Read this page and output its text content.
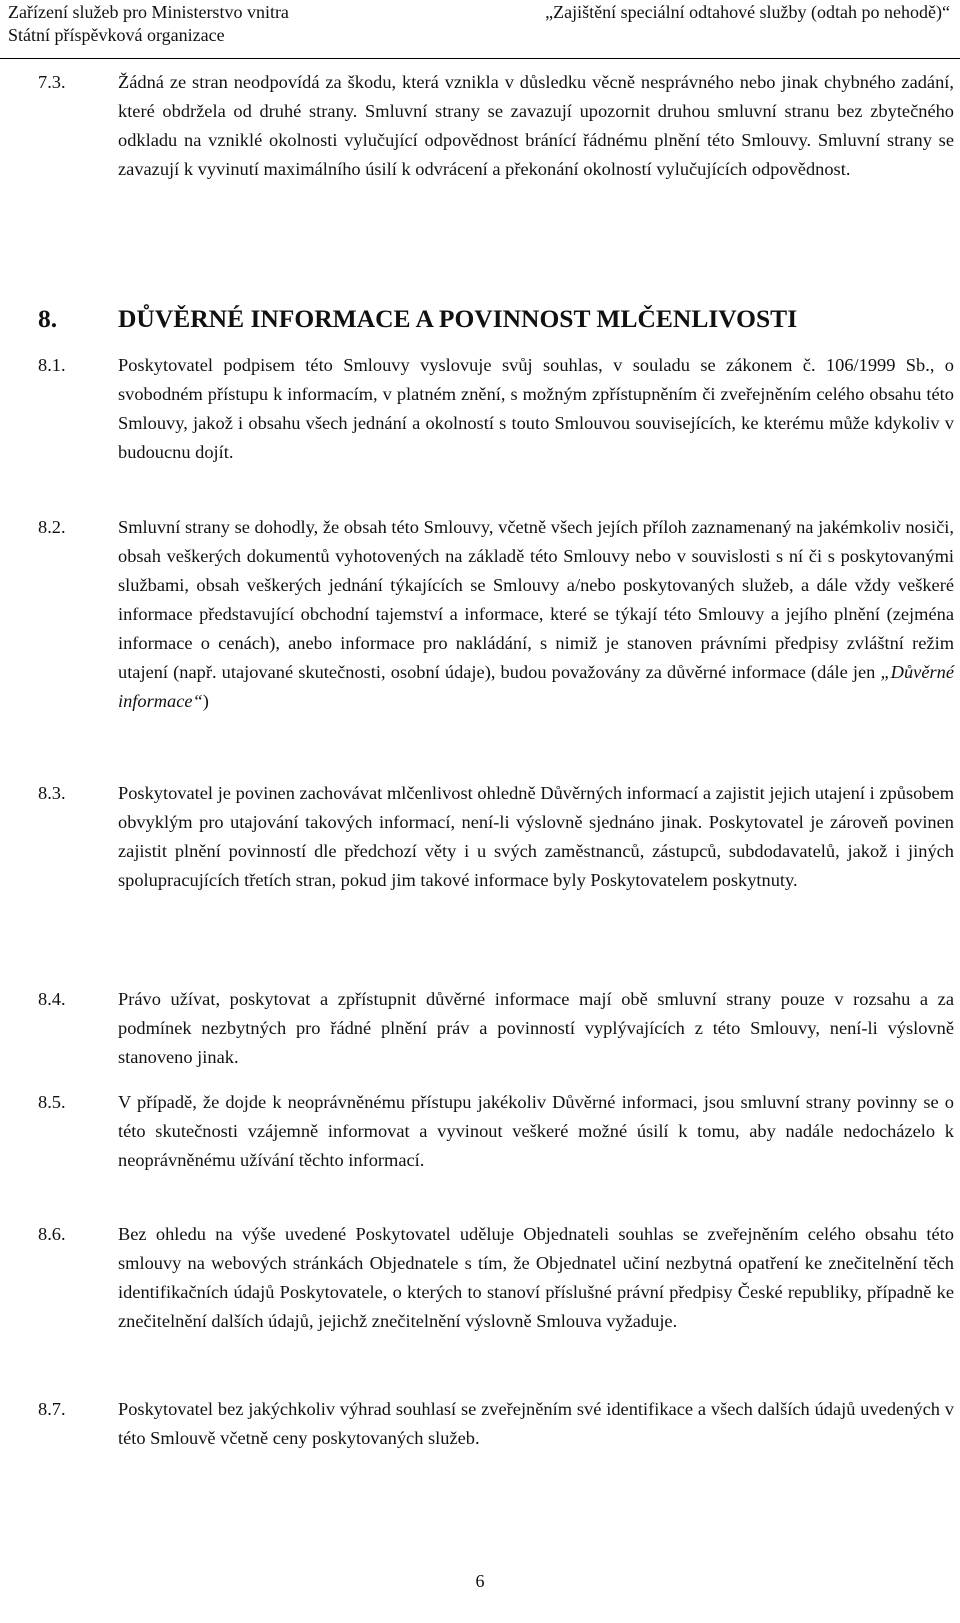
Zařízení služeb pro Ministerstvo vnitra
Státní příspěvková organizace
„Zajištění speciální odtahové služby (odtah po nehodě)“
7.3.	Žádná ze stran neodpovídá za škodu, která vznikla v důsledku věcně nesprávného nebo jinak chybného zadání, které obdržela od druhé strany. Smluvní strany se zavazují upozornit druhou smluvní stranu bez zbytečného odkladu na vzniklé okolnosti vylučující odpovědnost bránící řádnému plnění této Smlouvy. Smluvní strany se zavazují k vyvinutí maximálního úsilí k odvrácení a překonání okolností vylučujících odpovědnost.
8. DŮVĚRNÉ INFORMACE A POVINNOST MLČENLIVOSTI
8.1.	Poskytovatel podpisem této Smlouvy vyslovuje svůj souhlas, v souladu se zákonem č. 106/1999 Sb., o svobodném přístupu k informacím, v platném znění, s možným zpřístupněním či zveřejněním celého obsahu této Smlouvy, jakož i obsahu všech jednání a okolností s touto Smlouvou souvisejících, ke kterému může kdykoliv v budoucnu dojít.
8.2.	Smluvní strany se dohodly, že obsah této Smlouvy, včetně všech jejích příloh zaznamenaný na jakémkoliv nosiči, obsah veškerých dokumentů vyhotovených na základě této Smlouvy nebo v souvislosti s ní či s poskytovanými službami, obsah veškerých jednání týkajících se Smlouvy a/nebo poskytovaných služeb, a dále vždy veškeré informace představující obchodní tajemství a informace, které se týkají této Smlouvy a jejího plnění (zejména informace o cenách), anebo informace pro nakládání, s nimiž je stanoven právními předpisy zvláštní režim utajení (např. utajované skutečnosti, osobní údaje), budou považovány za důvěrné informace (dále jen „Důvěrné informace“)
8.3.	Poskytovatel je povinen zachovávat mlčenlivost ohledně Důvěrných informací a zajistit jejich utajení i způsobem obvyklým pro utajování takových informací, není-li výslovně sjednáno jinak. Poskytovatel je zároveň povinen zajistit plnění povinností dle předchozí věty i u svých zaměstnanců, zástupců, subdodavatelů, jakož i jiných spolupracujících třetích stran, pokud jim takové informace byly Poskytovatelem poskytnuty.
8.4.	Právo užívat, poskytovat a zpřístupnit důvěrné informace mají obě smluvní strany pouze v rozsahu a za podmínek nezbytných pro řádné plnění práv a povinností vyplývajících z této Smlouvy, není-li výslovně stanoveno jinak.
8.5.	V případě, že dojde k neoprávněnému přístupu jakékoliv Důvěrné informaci, jsou smluvní strany povinny se o této skutečnosti vzájemně informovat a vyvinout veškeré možné úsilí k tomu, aby nadále nedocházelo k neoprávněnému užívání těchto informací.
8.6.	Bez ohledu na výše uvedené Poskytovatel uděluje Objednateli souhlas se zveřejněním celého obsahu této smlouvy na webových stránkách Objednatele s tím, že Objednatel učiní nezbytná opatření ke znečitelnění těch identifikačních údajů Poskytovatele, o kterých to stanoví příslušné právní předpisy České republiky, případně ke znečitelnění dalších údajů, jejichž znečitelnění výslovně Smlouva vyžaduje.
8.7.	Poskytovatel bez jakýchkoliv výhrad souhlasí se zveřejněním své identifikace a všech dalších údajů uvedených v této Smlouvě včetně ceny poskytovaných služeb.
6
